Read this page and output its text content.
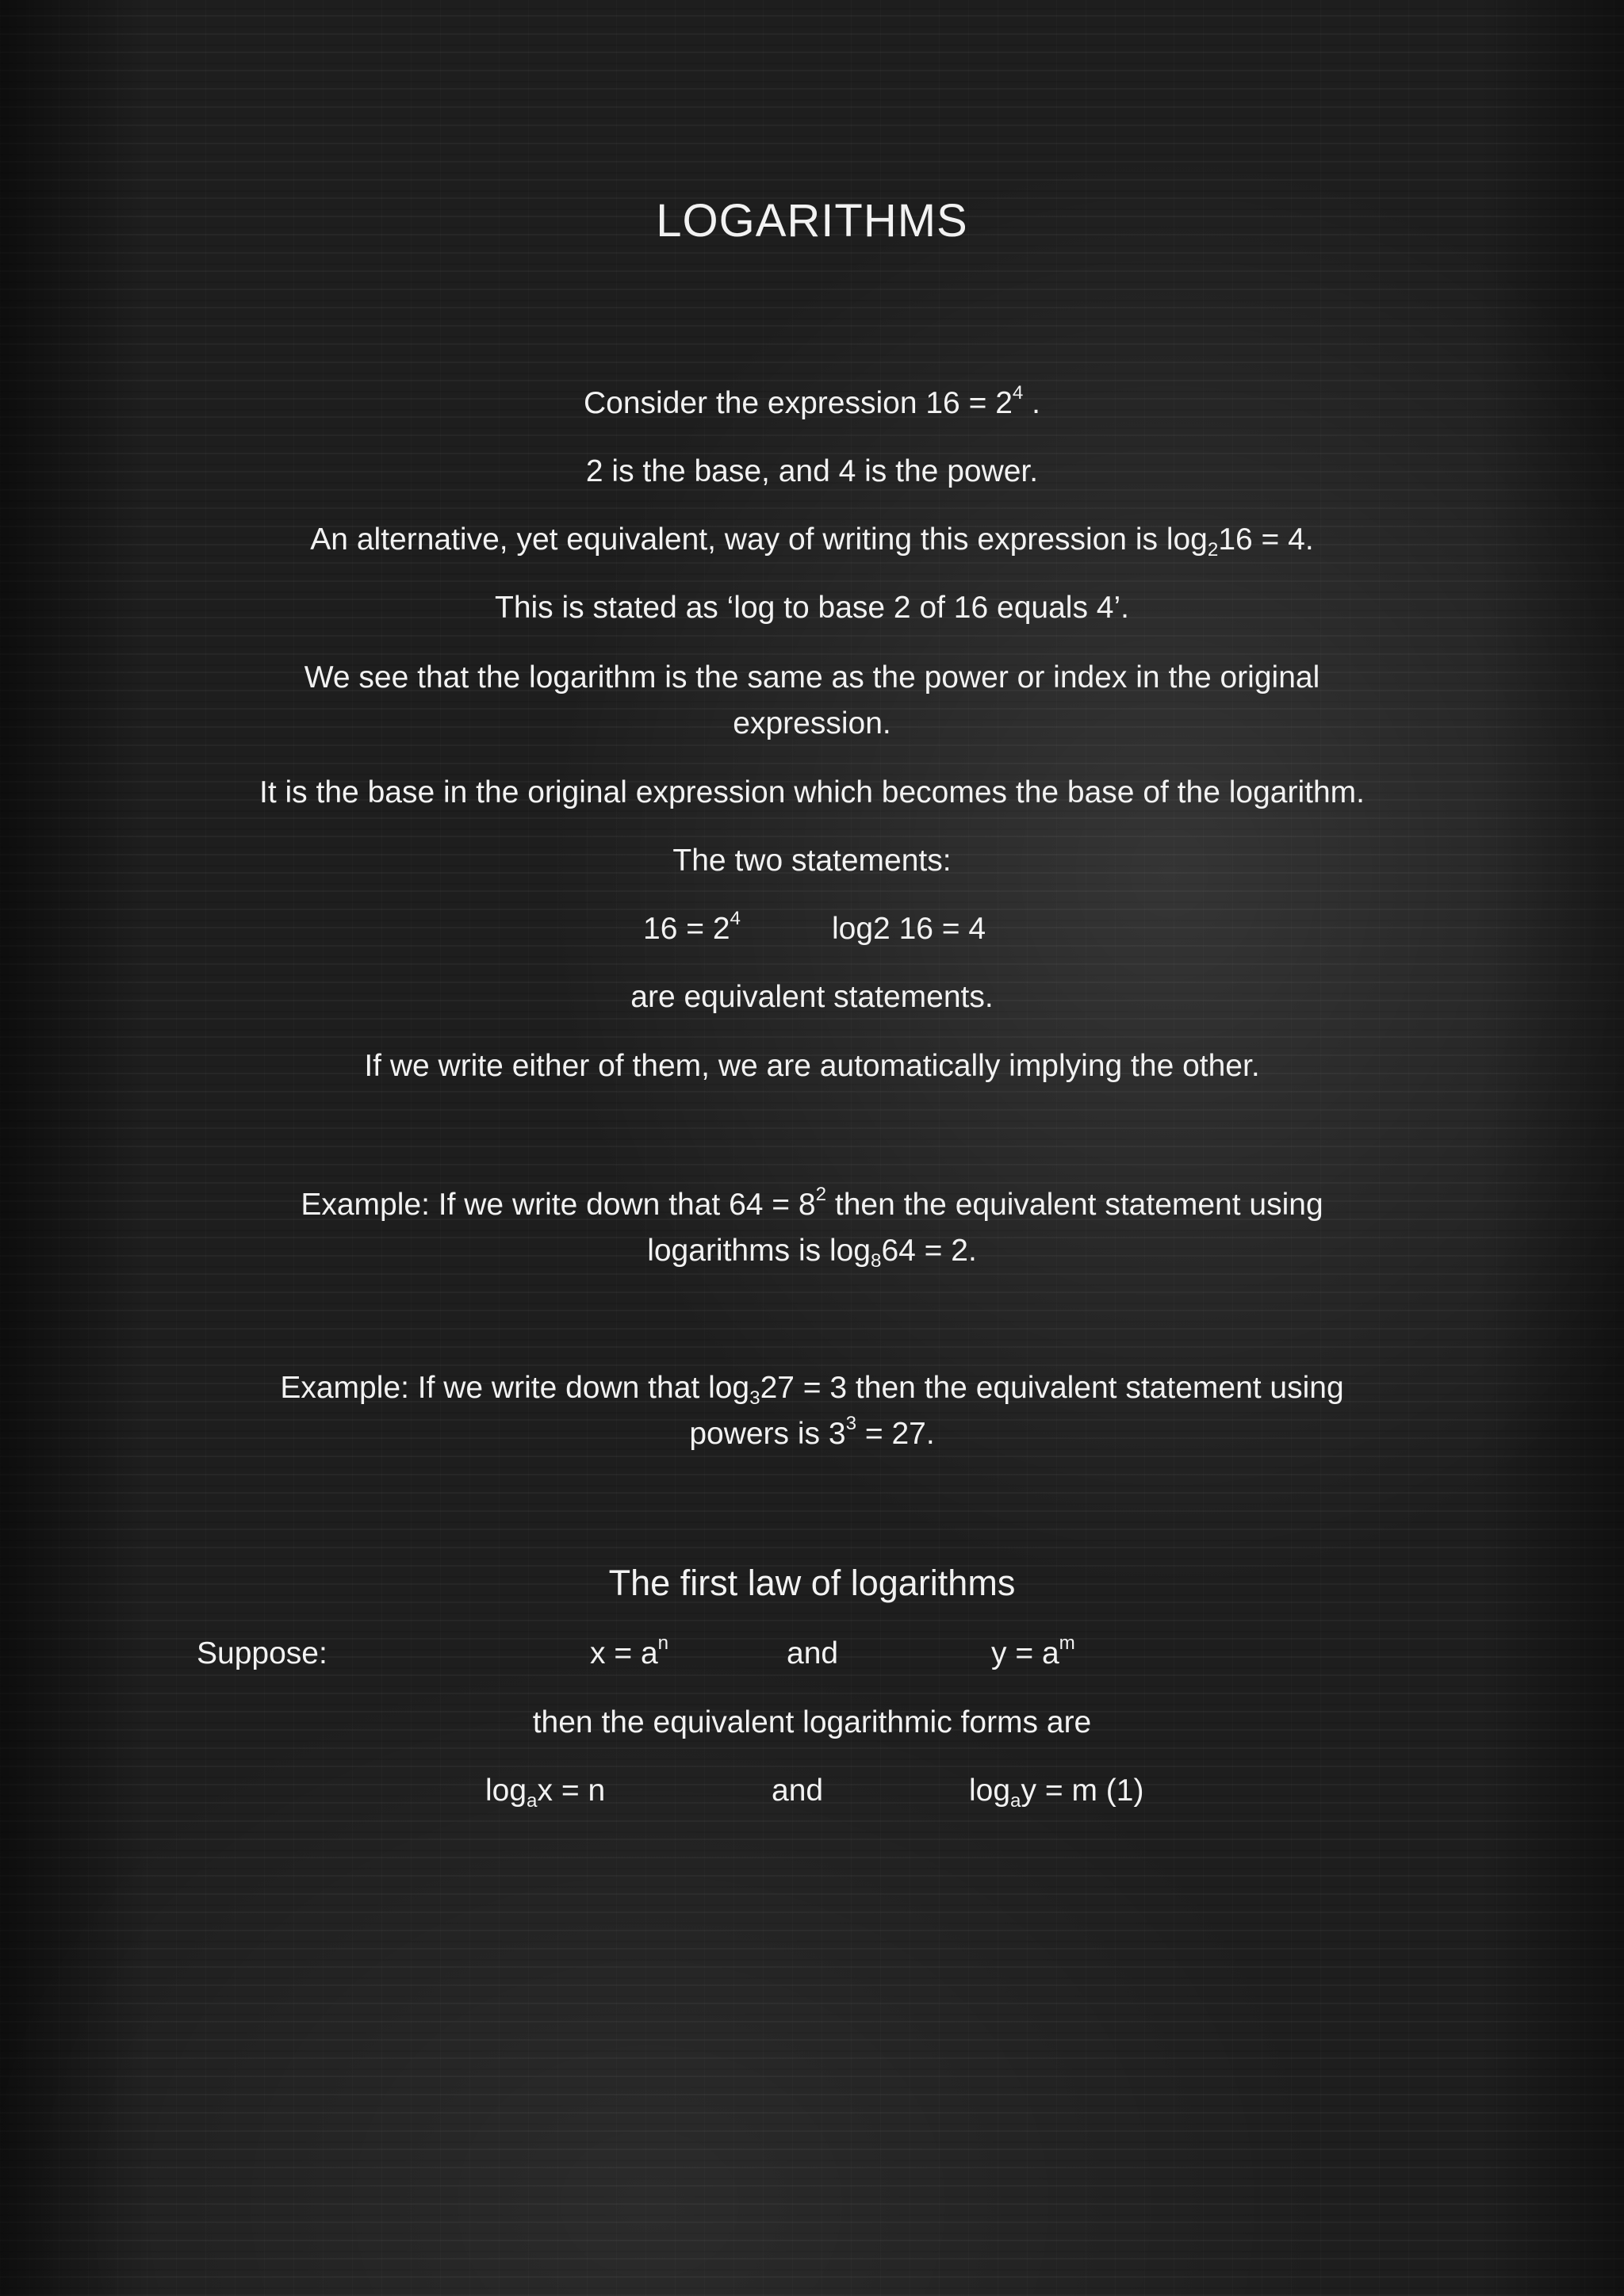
LOGARITHMS
Consider the expression $16 = 2^4$ .
2 is the base, and 4 is the power.
An alternative, yet equivalent, way of writing this expression is $\log_216 = 4$.
This is stated as ‘log to base 2 of 16 equals 4’.
We see that the logarithm is the same as the power or index in the original
expression.
It is the base in the original expression which becomes the base of the logarithm.
The two statements:
$16 = 2^4$	log2 16 = 4
are equivalent statements.
If we write either of them, we are automatically implying the other.
Example: If we write down that $64 = 8^2$ then the equivalent statement using
logarithms is $\log_864 = 2$.
Example: If we write down that $\log_327 = 3$ then the equivalent statement using
powers is $3^3 = 27$.
The first law of logarithms
Suppose:	$x = a^n$	and	$y = a^m$
then the equivalent logarithmic forms are
$\log_ax = n$	and	$\log_ay = m$ (1)
